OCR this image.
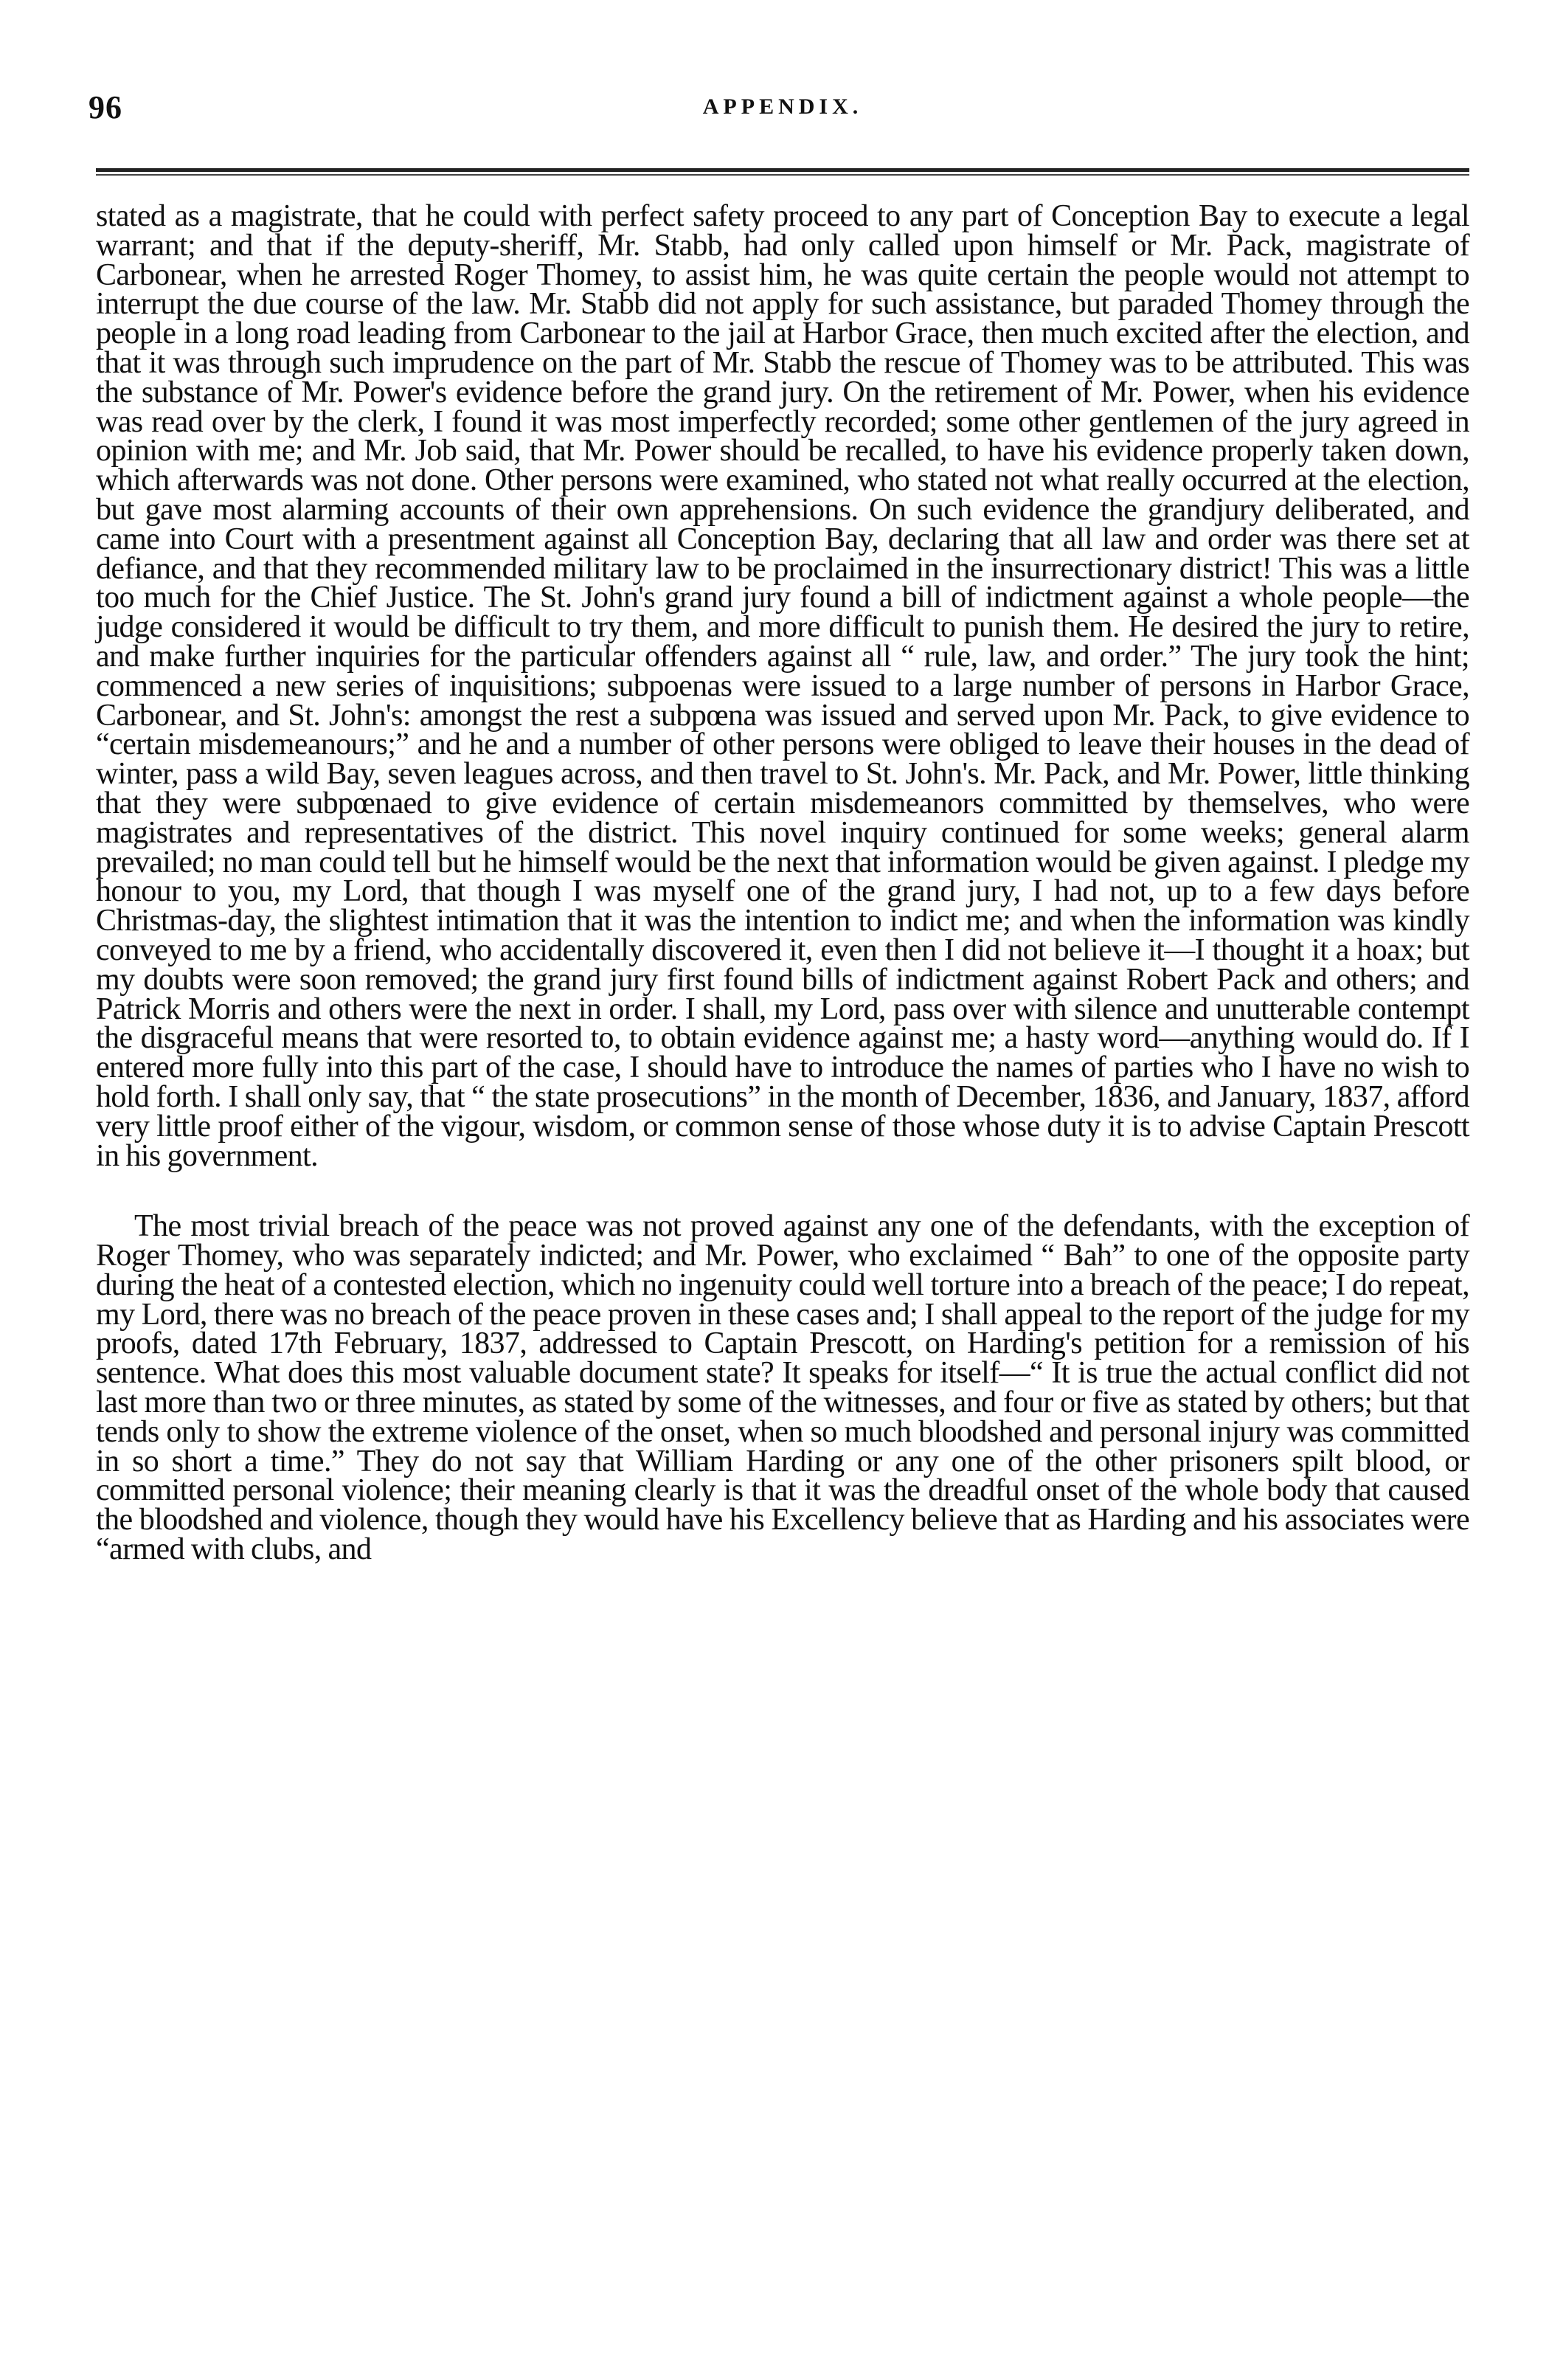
96	APPENDIX.

stated as a magistrate, that he could with perfect safety proceed to any part of Conception Bay to execute a legal warrant; and that if the deputy-sheriff, Mr. Stabb, had only called upon himself or Mr. Pack, magistrate of Carbonear, when he arrested Roger Thomey, to assist him, he was quite certain the people would not attempt to interrupt the due course of the law. Mr. Stabb did not apply for such assistance, but paraded Thomey through the people in a long road leading from Carbonear to the jail at Harbor Grace, then much excited after the election, and that it was through such imprudence on the part of Mr. Stabb the rescue of Thomey was to be attributed. This was the substance of Mr. Power's evidence before the grand jury. On the retirement of Mr. Power, when his evidence was read over by the clerk, I found it was most imperfectly recorded; some other gentlemen of the jury agreed in opinion with me; and Mr. Job said, that Mr. Power should be recalled, to have his evidence properly taken down, which afterwards was not done. Other persons were examined, who stated not what really occurred at the election, but gave most alarming accounts of their own apprehensions. On such evidence the grandjury deliberated, and came into Court with a presentment against all Conception Bay, declaring that all law and order was there set at defiance, and that they recommended military law to be proclaimed in the insurrectionary district! This was a little too much for the Chief Justice. The St. John's grand jury found a bill of indictment against a whole people—the judge considered it would be difficult to try them, and more difficult to punish them. He desired the jury to retire, and make further inquiries for the particular offenders against all “ rule, law, and order.” The jury took the hint; commenced a new series of inquisitions; subpoenas were issued to a large number of persons in Harbor Grace, Carbonear, and St. John's: amongst the rest a subpœna was issued and served upon Mr. Pack, to give evidence to “certain misdemeanours;” and he and a number of other persons were obliged to leave their houses in the dead of winter, pass a wild Bay, seven leagues across, and then travel to St. John's. Mr. Pack, and Mr. Power, little thinking that they were subpœnaed to give evidence of certain misdemeanors committed by themselves, who were magistrates and representatives of the district. This novel inquiry continued for some weeks; general alarm prevailed; no man could tell but he himself would be the next that information would be given against. I pledge my honour to you, my Lord, that though I was myself one of the grand jury, I had not, up to a few days before Christmas-day, the slightest intimation that it was the intention to indict me; and when the information was kindly conveyed to me by a friend, who accidentally discovered it, even then I did not believe it—I thought it a hoax; but my doubts were soon removed; the grand jury first found bills of indictment against Robert Pack and others; and Patrick Morris and others were the next in order. I shall, my Lord, pass over with silence and unutterable contempt the disgraceful means that were resorted to, to obtain evidence against me; a hasty word—anything would do. If I entered more fully into this part of the case, I should have to introduce the names of parties who I have no wish to hold forth. I shall only say, that “ the state prosecutions” in the month of December, 1836, and January, 1837, afford very little proof either of the vigour, wisdom, or common sense of those whose duty it is to advise Captain Prescott in his government.

The most trivial breach of the peace was not proved against any one of the defendants, with the exception of Roger Thomey, who was separately indicted; and Mr. Power, who exclaimed “ Bah” to one of the opposite party during the heat of a contested election, which no ingenuity could well torture into a breach of the peace; I do repeat, my Lord, there was no breach of the peace proven in these cases and; I shall appeal to the report of the judge for my proofs, dated 17th February, 1837, addressed to Captain Prescott, on Harding's petition for a remission of his sentence. What does this most valuable document state? It speaks for itself—“ It is true the actual conflict did not last more than two or three minutes, as stated by some of the witnesses, and four or five as stated by others; but that tends only to show the extreme violence of the onset, when so much bloodshed and personal injury was committed in so short a time.” They do not say that William Harding or any one of the other prisoners spilt blood, or committed personal violence; their meaning clearly is that it was the dreadful onset of the whole body that caused the bloodshed and violence, though they would have his Excellency believe that as Harding and his associates were “armed with clubs, and
